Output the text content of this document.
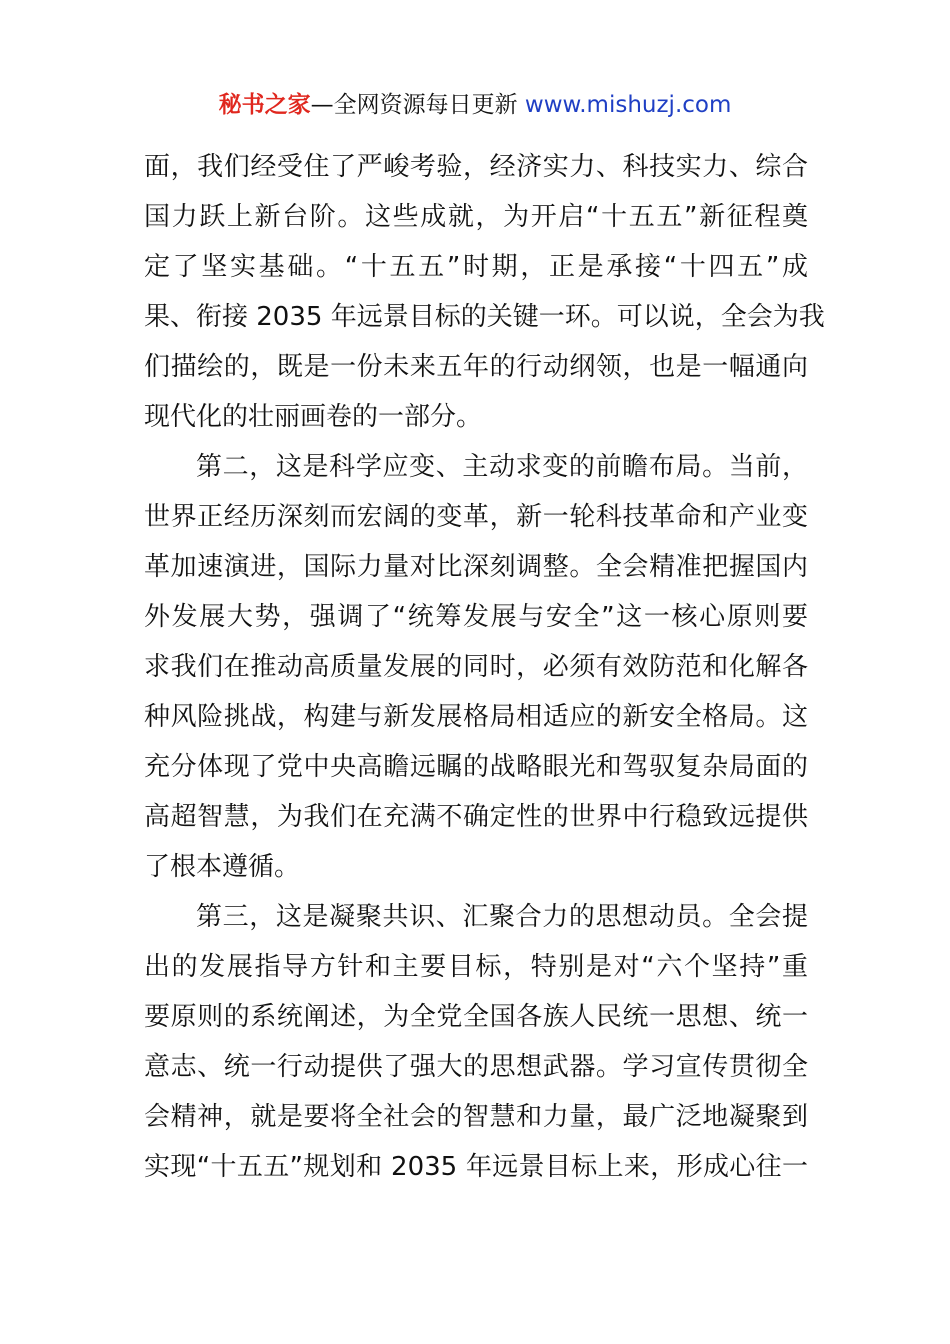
秘书之家—全网资源每日更新 www.mishuzj.com
面，我们经受住了严峻考验，经济实力、科技实力、综合
国力跃上新台阶。这些成就，为开启“十五五”新征程奠
定了坚实基础。“十五五”时期，正是承接“十四五”成
果、衔接 2035 年远景目标的关键一环。可以说，全会为我
们描绘的，既是一份未来五年的行动纲领，也是一幅通向
现代化的壮丽画卷的一部分。
第二，这是科学应变、主动求变的前瞻布局。当前，
世界正经历深刻而宏阔的变革，新一轮科技革命和产业变
革加速演进，国际力量对比深刻调整。全会精准把握国内
外发展大势，强调了“统筹发展与安全”这一核心原则要
求我们在推动高质量发展的同时，必须有效防范和化解各
种风险挑战，构建与新发展格局相适应的新安全格局。这
充分体现了党中央高瞻远瞩的战略眼光和驾驭复杂局面的
高超智慧，为我们在充满不确定性的世界中行稳致远提供
了根本遵循。
第三，这是凝聚共识、汇聚合力的思想动员。全会提
出的发展指导方针和主要目标，特别是对“六个坚持”重
要原则的系统阐述，为全党全国各族人民统一思想、统一
意志、统一行动提供了强大的思想武器。学习宣传贯彻全
会精神，就是要将全社会的智慧和力量，最广泛地凝聚到
实现“十五五”规划和 2035 年远景目标上来，形成心往一
